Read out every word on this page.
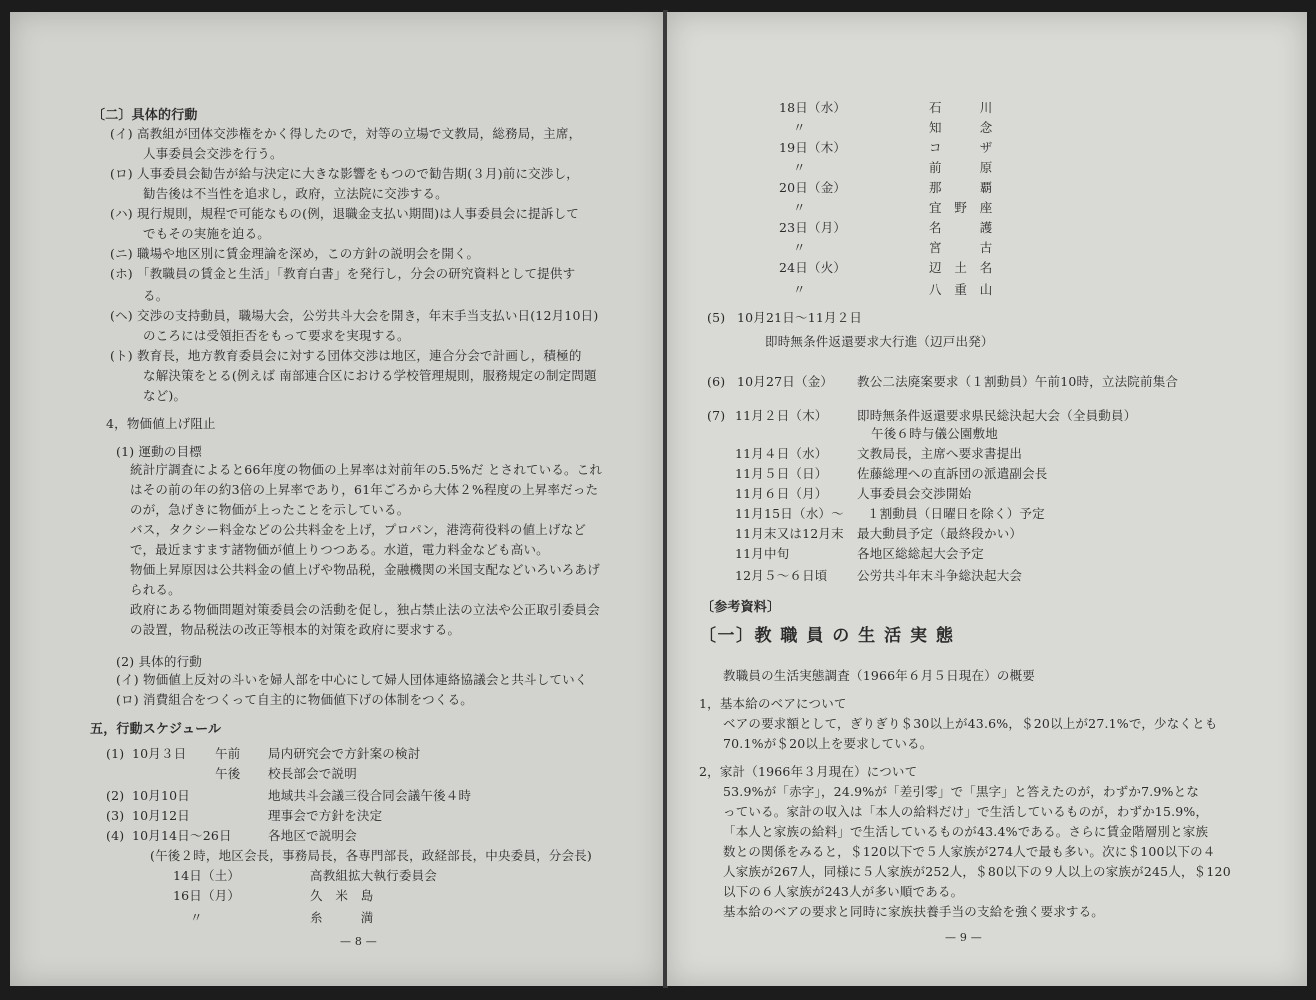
〔二〕具体的行動
(イ) 高教組が団体交渉権をかく得したので，対等の立場で文教局，総務局，主席，
人事委員会交渉を行う。
(ロ) 人事委員会勧告が給与決定に大きな影響をもつので勧告期(３月)前に交渉し，
勧告後は不当性を追求し，政府，立法院に交渉する。
(ハ) 現行規則，規程で可能なもの(例，退職金支払い期間)は人事委員会に提訴して
でもその実施を迫る。
(ニ) 職場や地区別に賃金理論を深め，この方針の説明会を開く。
(ホ) 「教職員の賃金と生活」「教育白書」を発行し，分会の研究資料として提供す
る。
(ヘ) 交渉の支持動員，職場大会，公労共斗大会を開き，年末手当支払い日(12月10日)
のころには受領拒否をもって要求を実現する。
(ト) 教育長，地方教育委員会に対する団体交渉は地区，連合分会で計画し，積極的
な解決策をとる(例えば 南部連合区における学校管理規則，服務規定の制定問題
など)。
4，物価値上げ阻止
(1) 運動の目標
統計庁調査によると66年度の物価の上昇率は対前年の5.5%だ とされている。これ
はその前の年の約3倍の上昇率であり，61年ごろから大体２%程度の上昇率だった
のが，急げきに物価が上ったことを示している。
バス，タクシー料金などの公共料金を上げ，プロパン，港湾荷役料の値上げなど
で，最近ますます諸物価が値上りつつある。水道，電力料金なども高い。
物価上昇原因は公共料金の値上げや物品税，金融機関の米国支配などいろいろあげ
られる。
政府にある物価問題対策委員会の活動を促し，独占禁止法の立法や公正取引委員会
の設置，物品税法の改正等根本的対策を政府に要求する。
(2) 具体的行動
(イ) 物価値上反対の斗いを婦人部を中心にして婦人団体連絡協議会と共斗していく
(ロ) 消費組合をつくって自主的に物価値下げの体制をつくる。
五，行動スケジュール
(1) 10月３日 午前 局内研究会で方針案の検討
午後 校長部会で説明
(2) 10月10日	地域共斗会議三役合同会議午後４時
(3) 10月12日	理事会で方針を決定
(4) 10月14日～26日	各地区で説明会
(午後２時，地区会長，事務局長，各専門部長，政経部長，中央委員，分会長)
14日（土）	高教組拡大執行委員会
16日（月）	久　米　島
〃	糸　　　満
— 8 —
18日（水）	石　　　川
〃	知　　　念
19日（木）	コ　　　ザ
〃	前　　　原
20日（金）	那　　　覇
〃	宜　野　座
23日（月）	名　　　護
〃	宮　　　古
24日（火）	辺　土　名
〃	八　重　山
(5) 10月21日～11月２日
即時無条件返還要求大行進（辺戸出発）
(6) 10月27日（金） 教公二法廃案要求（１割動員）午前10時，立法院前集合
(7) 11月２日（木） 即時無条件返還要求県民総決起大会（全員動員）
午後６時与儀公園敷地
11月４日（水） 文教局長，主席へ要求書提出
11月５日（日） 佐藤総理への直訴団の派遣副会長
11月６日（月） 人事委員会交渉開始
11月15日（水）～ １割動員（日曜日を除く）予定
11月末又は12月末 最大動員予定（最終段かい）
11月中旬	各地区総総起大会予定
12月５～６日頃 公労共斗年末斗争総決起大会
〔参考資料〕
〔一〕教 職 員 の 生 活 実 態
教職員の生活実態調査（1966年６月５日現在）の概要
1，基本給のベアについて
ベアの要求額として，ぎりぎり＄30以上が43.6%，＄20以上が27.1%で，少なくとも
70.1%が＄20以上を要求している。
2，家計（1966年３月現在）について
53.9%が「赤字」，24.9%が「差引零」で「黒字」と答えたのが，わずか7.9%とな
っている。家計の収入は「本人の給料だけ」で生活しているものが，わずか15.9%，
「本人と家族の給料」で生活しているものが43.4%である。さらに賃金階層別と家族
数との関係をみると，＄120以下で５人家族が274人で最も多い。次に＄100以下の４
人家族が267人，同様に５人家族が252人，＄80以下の９人以上の家族が245人，＄120
以下の６人家族が243人が多い順である。
基本給のベアの要求と同時に家族扶養手当の支給を強く要求する。
— 9 —
